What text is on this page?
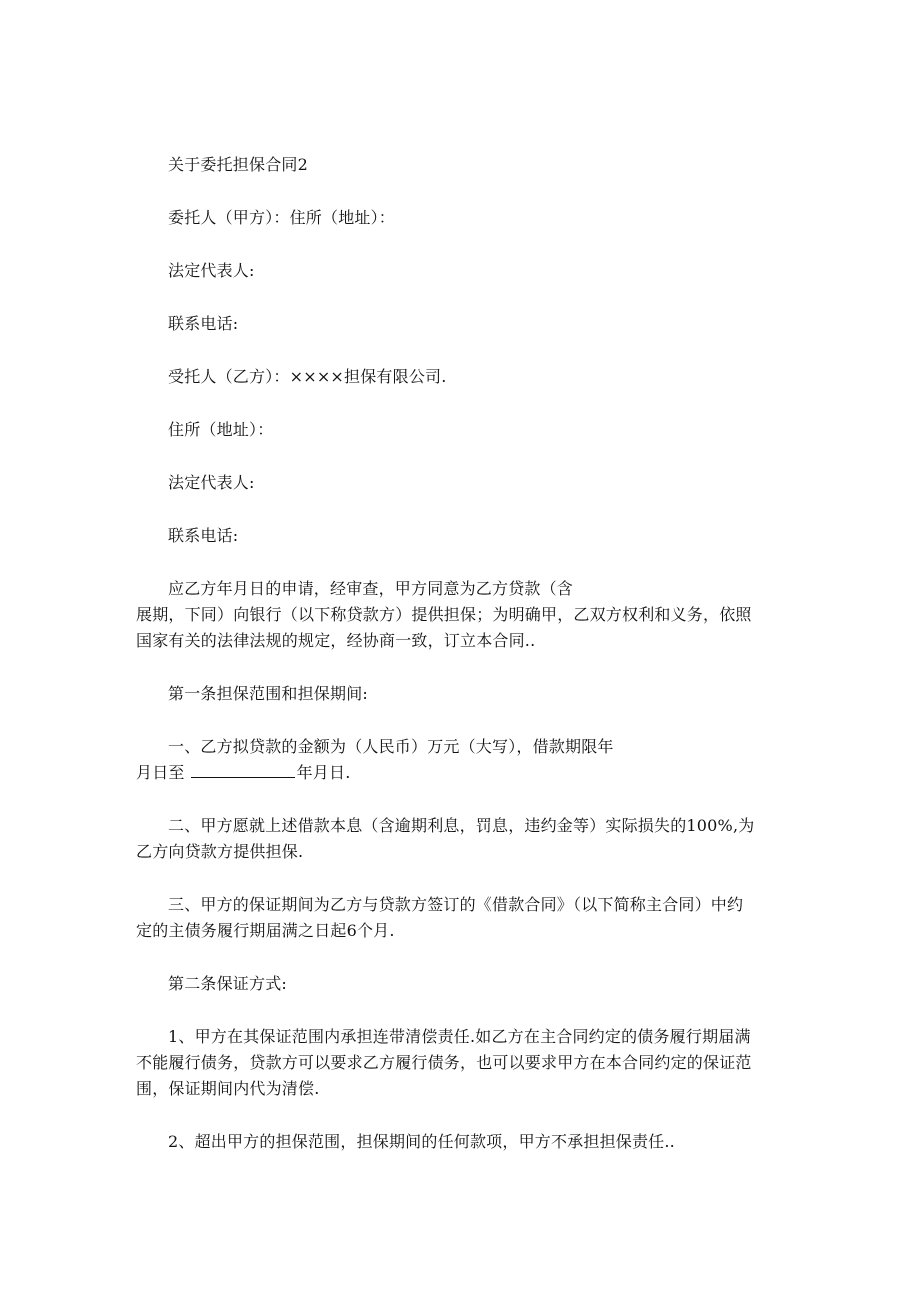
关于委托担保合同2

委托人（甲方）：住所（地址）：

法定代表人:

联系电话:

受托人（乙方）：××××担保有限公司.

住所（地址）：

法定代表人:

联系电话:

应乙方年月日的申请，经审查，甲方同意为乙方贷款（含
展期，下同）向银行（以下称贷款方）提供担保；为明确甲，乙双方权利和义务，依照
国家有关的法律法规的规定，经协商一致，订立本合同..

第一条担保范围和担保期间:

一、乙方拟贷款的金额为（人民币）万元（大写），借款期限年
月日至	年月日.

二、甲方愿就上述借款本息（含逾期利息，罚息，违约金等）实际损失的100%,为
乙方向贷款方提供担保.

三、甲方的保证期间为乙方与贷款方签订的《借款合同》（以下简称主合同）中约
定的主债务履行期届满之日起6个月.

第二条保证方式:

1、甲方在其保证范围内承担连带清偿责任.如乙方在主合同约定的债务履行期届满
不能履行债务，贷款方可以要求乙方履行债务，也可以要求甲方在本合同约定的保证范
围，保证期间内代为清偿.

2、超出甲方的担保范围，担保期间的任何款项，甲方不承担担保责任..
